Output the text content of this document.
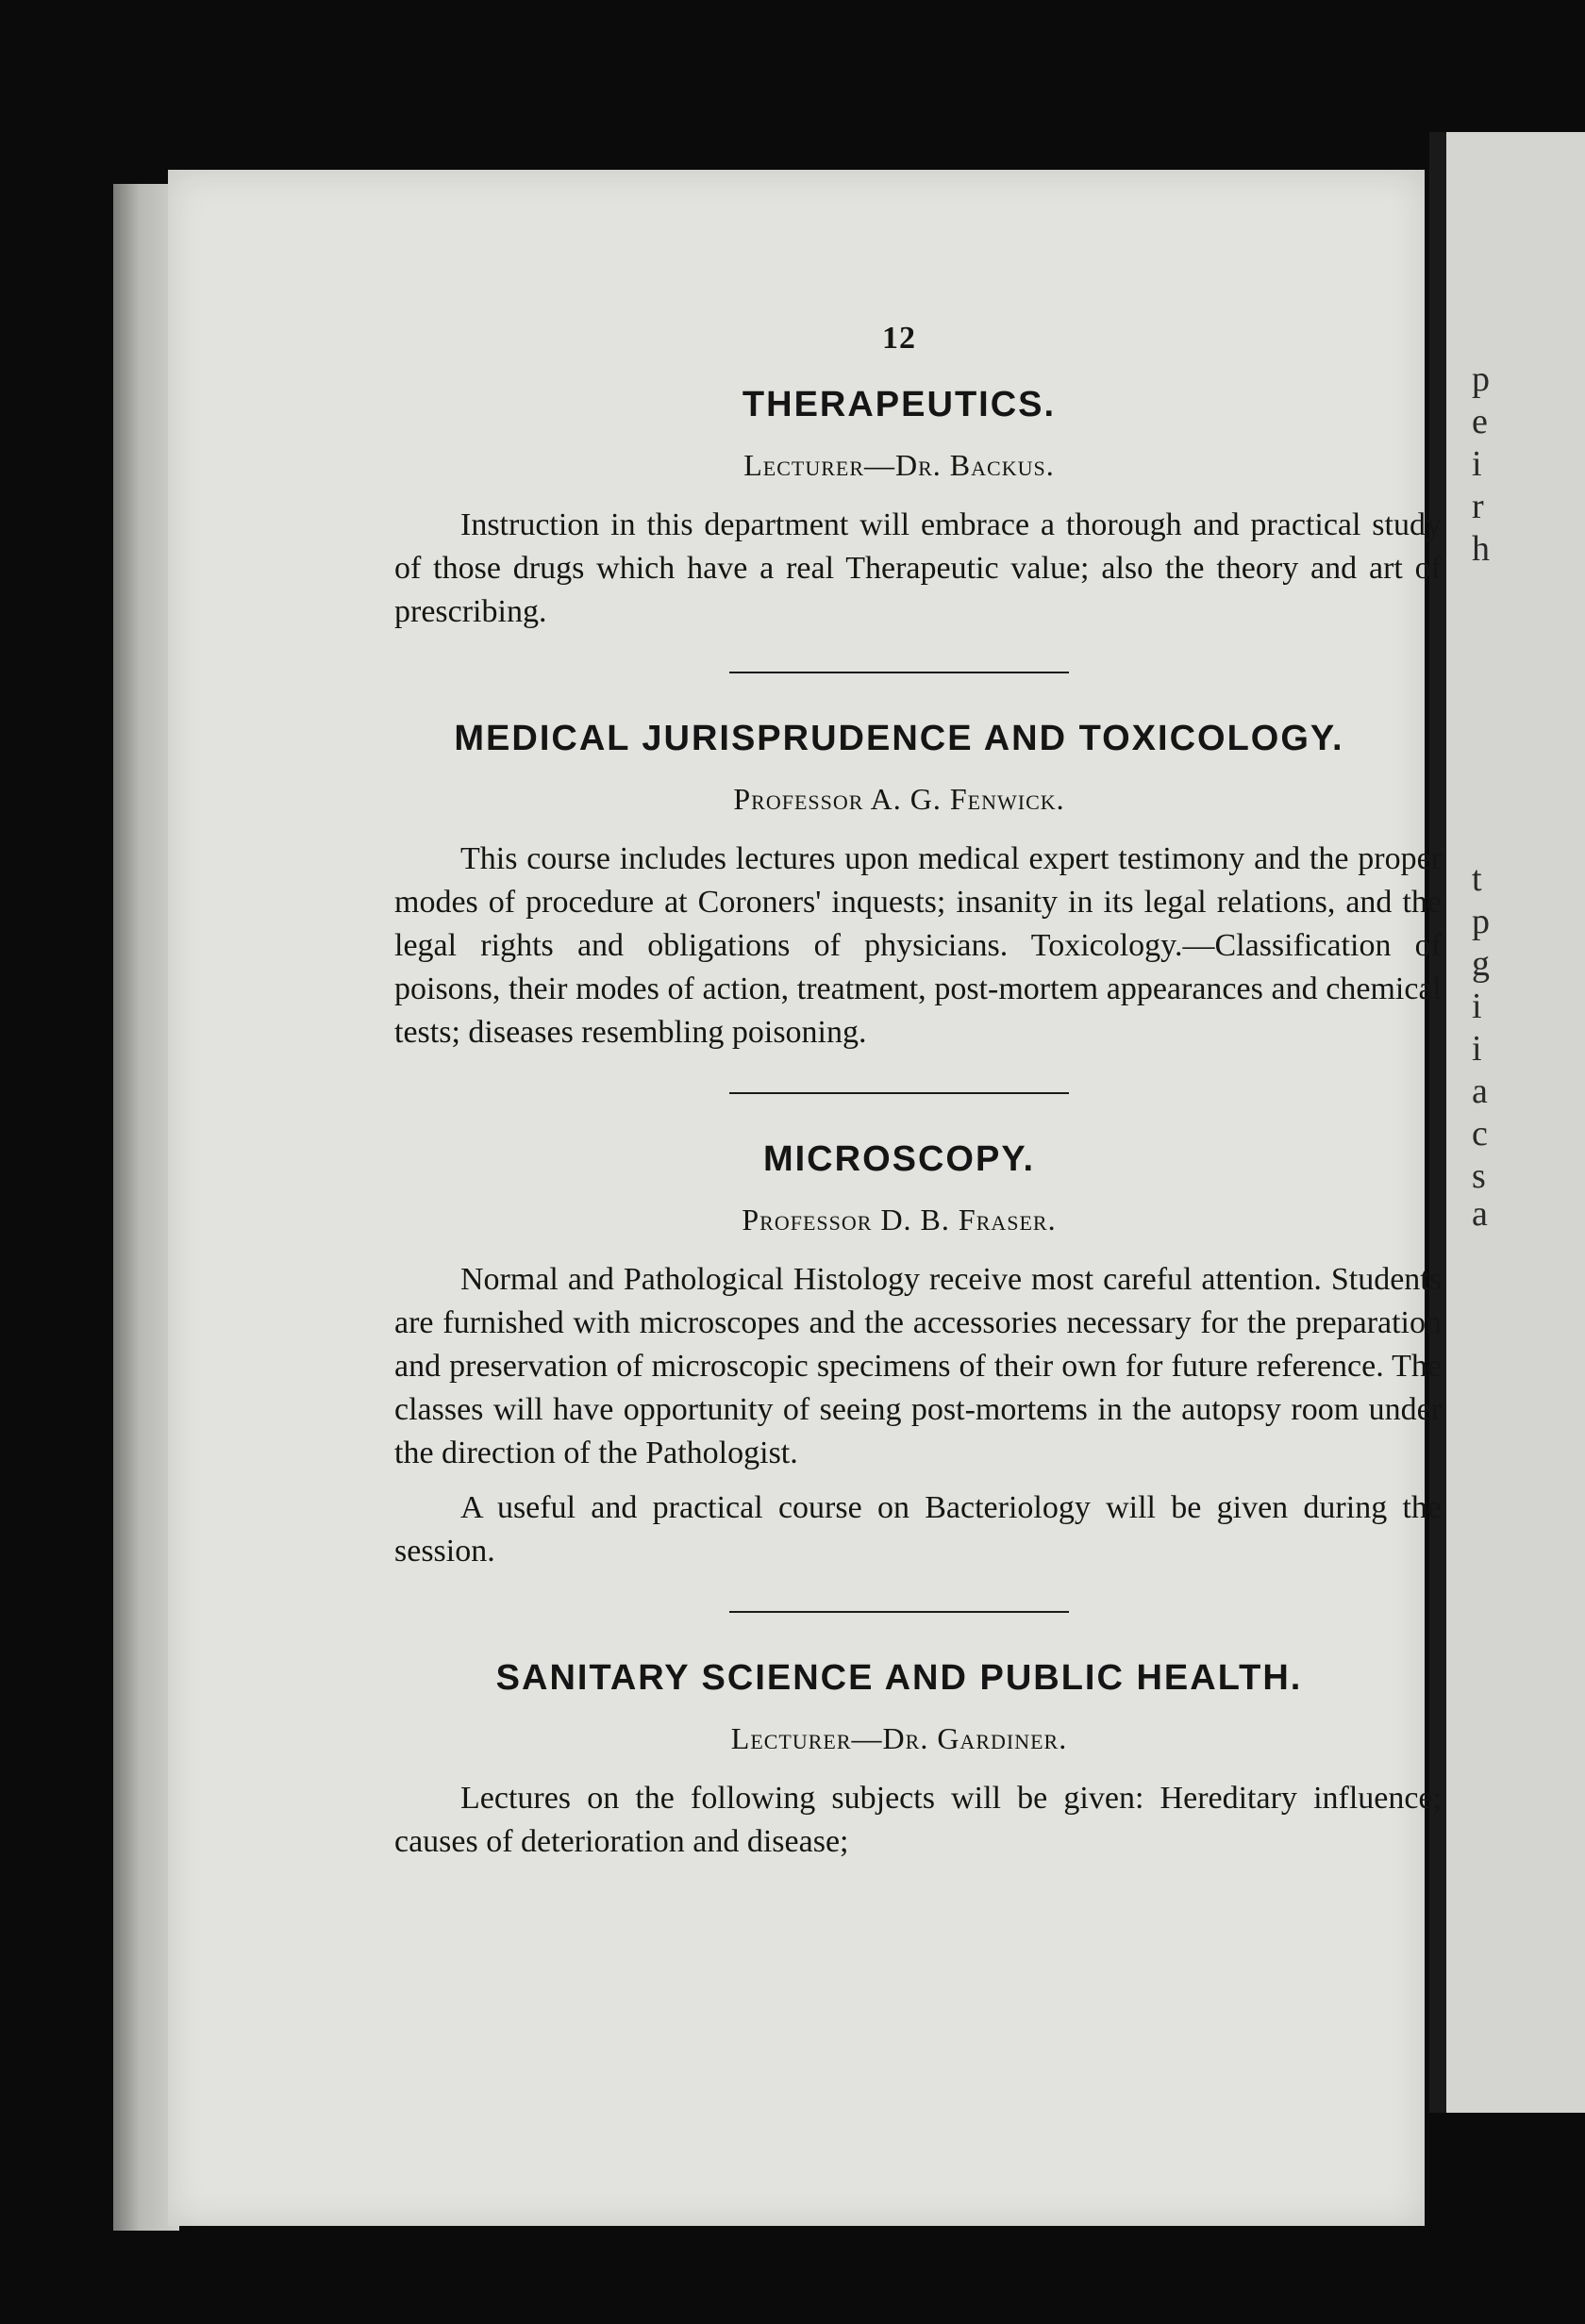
p
e
i
r
h
t
p
g
i
i
a
c
s
a
12
THERAPEUTICS.
Lecturer—Dr. Backus.

Instruction in this department will embrace a thorough and practical study of those drugs which have a real Therapeutic value; also the theory and art of prescribing.

MEDICAL JURISPRUDENCE AND TOXICOLOGY.
Professor A. G. Fenwick.

This course includes lectures upon medical expert testimony and the proper modes of procedure at Coroners' inquests; insanity in its legal relations, and the legal rights and obligations of physicians. Toxicology.—Classification of poisons, their modes of action, treatment, post-mortem appearances and chemical tests; diseases resembling poisoning.

MICROSCOPY.
Professor D. B. Fraser.

Normal and Pathological Histology receive most careful attention. Students are furnished with microscopes and the accessories necessary for the preparation and preservation of microscopic specimens of their own for future reference. The classes will have opportunity of seeing post-mortems in the autopsy room under the direction of the Pathologist.

A useful and practical course on Bacteriology will be given during the session.

SANITARY SCIENCE AND PUBLIC HEALTH.
Lecturer—Dr. Gardiner.

Lectures on the following subjects will be given: Hereditary influence; causes of deterioration and disease;
